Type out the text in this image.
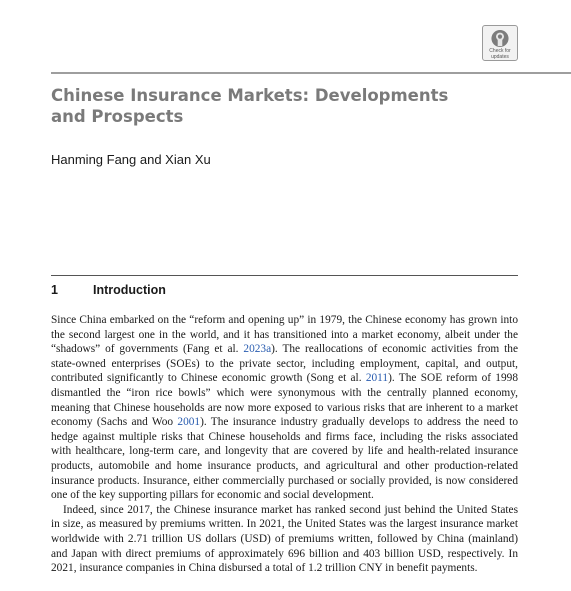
Check for
updates
Chinese Insurance Markets: Developments
and Prospects

Hanming Fang and Xian Xu

1	Introduction

Since China embarked on the “reform and opening up” in 1979, the Chinese economy has grown into the second largest one in the world, and it has transitioned into a market economy, albeit under the “shadows” of governments (Fang et al. 2023a). The reallocations of economic activities from the state-owned enterprises (SOEs) to the private sector, including employment, capital, and output, contributed significantly to Chinese economic growth (Song et al. 2011). The SOE reform of 1998 dismantled the “iron rice bowls” which were synonymous with the centrally planned economy, meaning that Chinese households are now more exposed to various risks that are inherent to a market economy (Sachs and Woo 2001). The insurance industry gradually develops to address the need to hedge against multiple risks that Chinese households and firms face, including the risks associated with healthcare, long-term care, and longevity that are covered by life and health-related insurance products, automobile and home insurance products, and agricultural and other production-related insurance products. Insurance, either commercially purchased or socially provided, is now considered one of the key supporting pillars for economic and social development.

Indeed, since 2017, the Chinese insurance market has ranked second just behind the United States in size, as measured by premiums written. In 2021, the United States was the largest insurance market worldwide with 2.71 trillion US dollars (USD) of premiums written, followed by China (mainland) and Japan with direct premiums of approximately 696 billion and 403 billion USD, respectively. In 2021, insurance companies in China disbursed a total of 1.2 trillion CNY in benefit payments.
